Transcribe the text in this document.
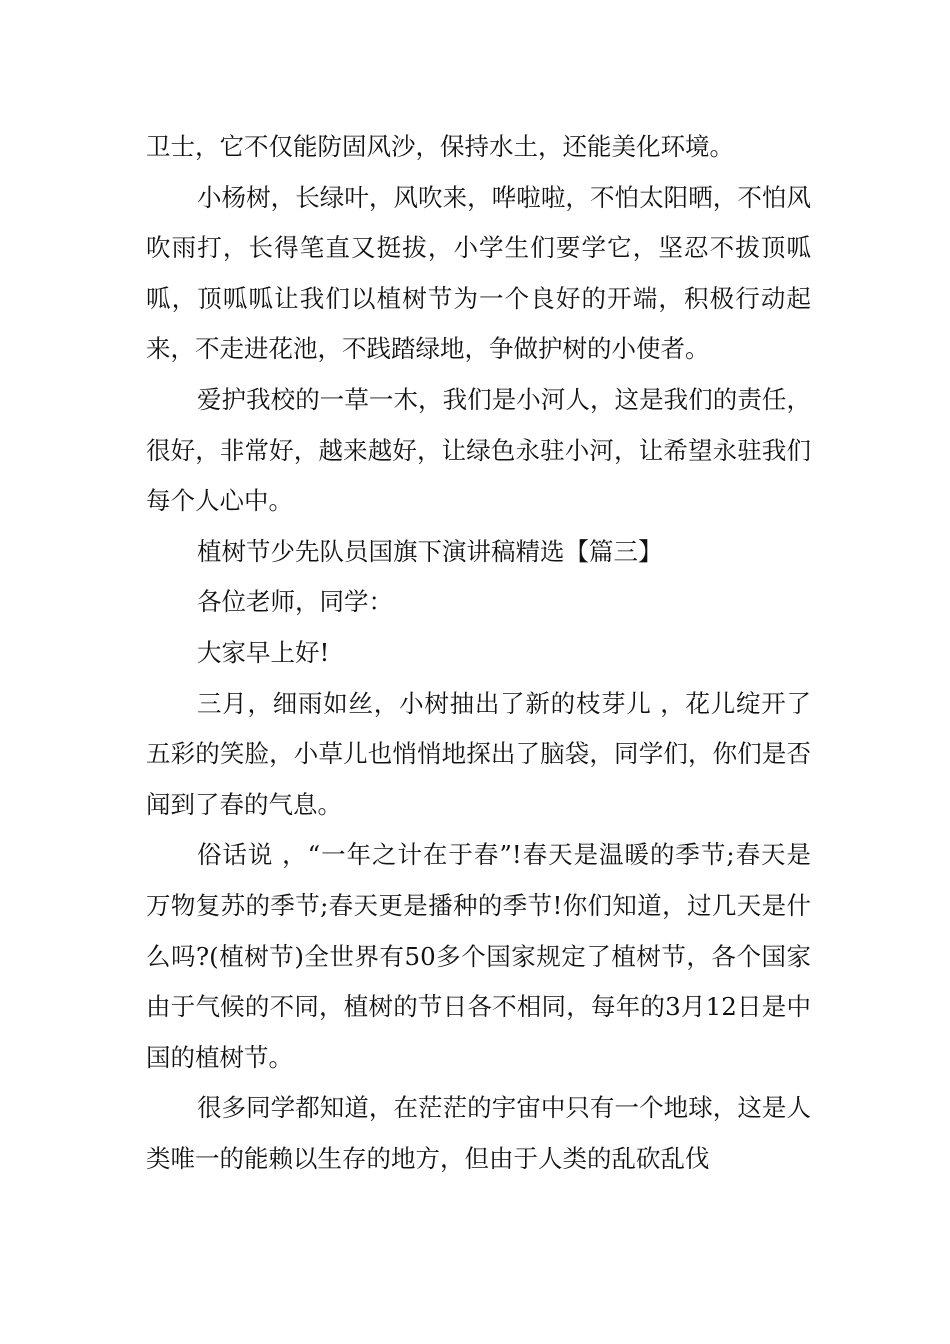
卫士，它不仅能防固风沙，保持水土，还能美化环境。

小杨树，长绿叶，风吹来，哗啦啦，不怕太阳晒，不怕风吹雨打，长得笔直又挺拔，小学生们要学它，坚忍不拔顶呱呱，顶呱呱让我们以植树节为一个良好的开端，积极行动起来，不走进花池，不践踏绿地，争做护树的小使者。

爱护我校的一草一木，我们是小河人，这是我们的责任，很好，非常好，越来越好，让绿色永驻小河，让希望永驻我们每个人心中。

植树节少先队员国旗下演讲稿精选【篇三】

各位老师，同学：

大家早上好!

三月，细雨如丝，小树抽出了新的枝芽儿 ，花儿绽开了五彩的笑脸，小草儿也悄悄地探出了脑袋，同学们，你们是否闻到了春的气息。

俗话说 ，“一年之计在于春”!春天是温暖的季节;春天是万物复苏的季节;春天更是播种的季节!你们知道，过几天是什么吗?(植树节)全世界有50多个国家规定了植树节，各个国家由于气候的不同，植树的节日各不相同，每年的3月12日是中国的植树节。

很多同学都知道，在茫茫的宇宙中只有一个地球，这是人类唯一的能赖以生存的地方，但由于人类的乱砍乱伐
